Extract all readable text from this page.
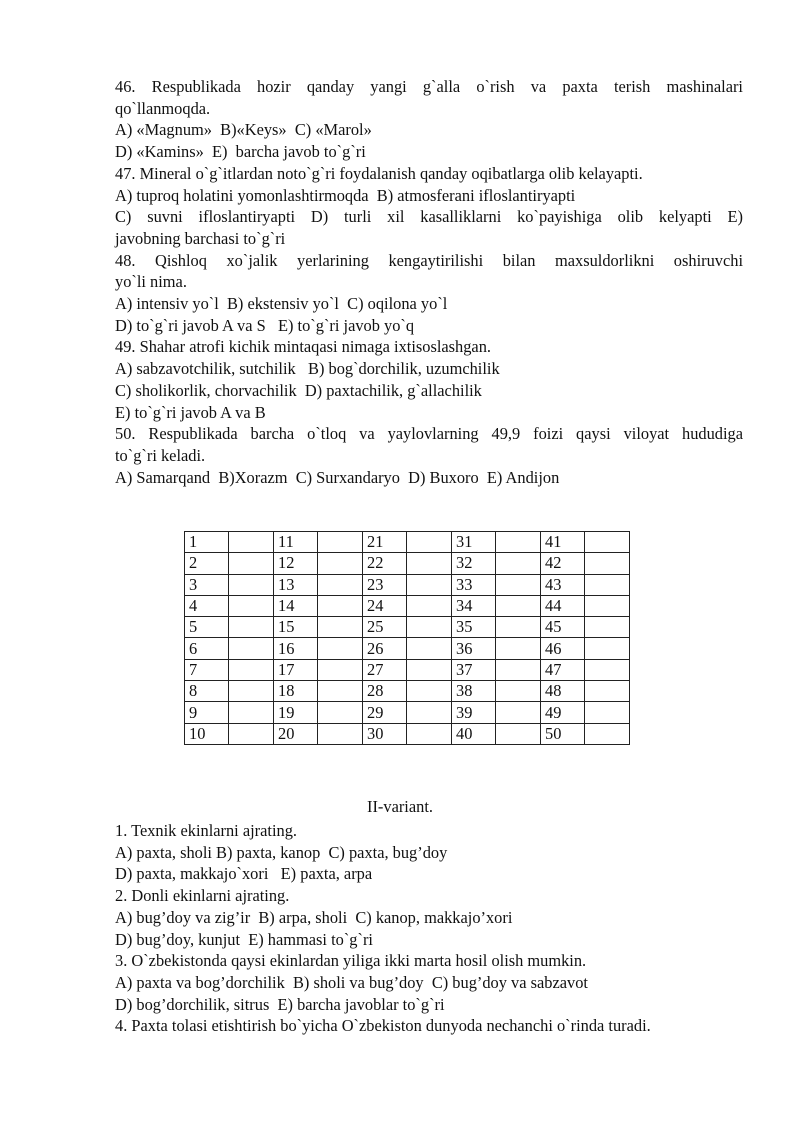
46. Respublikada hozir qanday yangi g`alla o`rish va paxta terish mashinalari
qo`llanmoqda.
A) «Magnum»  B)«Keys»  C) «Marol»
D) «Kamins»  E)  barcha javob to`g`ri
47. Mineral o`g`itlardan noto`g`ri foydalanish qanday oqibatlarga olib kelayapti.
A) tuproq holatini yomonlashtirmoqda  B) atmosferani ifloslantiryapti
C) suvni ifloslantiryapti D) turli xil kasalliklarni ko`payishiga olib kelyapti E)
javobning barchasi to`g`ri
48. Qishloq xo`jalik yerlarining kengaytirilishi bilan maxsuldorlikni oshiruvchi
yo`li nima.
A) intensiv yo`l  B) ekstensiv yo`l  C) oqilona yo`l
D) to`g`ri javob A va S   E) to`g`ri javob yo`q
49. Shahar atrofi kichik mintaqasi nimaga ixtisoslashgan.
A) sabzavotchilik, sutchilik   B) bog`dorchilik, uzumchilik
C) sholikorlik, chorvachilik  D) paxtachilik, g`allachilik
E) to`g`ri javob A va B
50. Respublikada barcha o`tloq va yaylovlarning 49,9 foizi qaysi viloyat hududiga
to`g`ri keladi.
A) Samarqand  B)Xorazm  C) Surxandaryo  D) Buxoro  E) Andijon
1		11		21		31		41	
2		12		22		32		42	
3		13		23		33		43	
4		14		24		34		44	
5		15		25		35		45	
6		16		26		36		46	
7		17		27		37		47	
8		18		28		38		48	
9		19		29		39		49	
10		20		30		40		50	
II-variant.
1. Texnik ekinlarni ajrating.
A) paxta, sholi B) paxta, kanop  C) paxta, bug’doy
D) paxta, makkajo`xori   E) paxta, arpa
2. Donli ekinlarni ajrating.
A) bug’doy va zig’ir  B) arpa, sholi  C) kanop, makkajo’xori
D) bug’doy, kunjut  E) hammasi to`g`ri
3. O`zbekistonda qaysi ekinlardan yiliga ikki marta hosil olish mumkin.
A) paxta va bog’dorchilik  B) sholi va bug’doy  C) bug’doy va sabzavot
D) bog’dorchilik, sitrus  E) barcha javoblar to`g`ri
4. Paxta tolasi etishtirish bo`yicha O`zbekiston dunyoda nechanchi o`rinda turadi.
